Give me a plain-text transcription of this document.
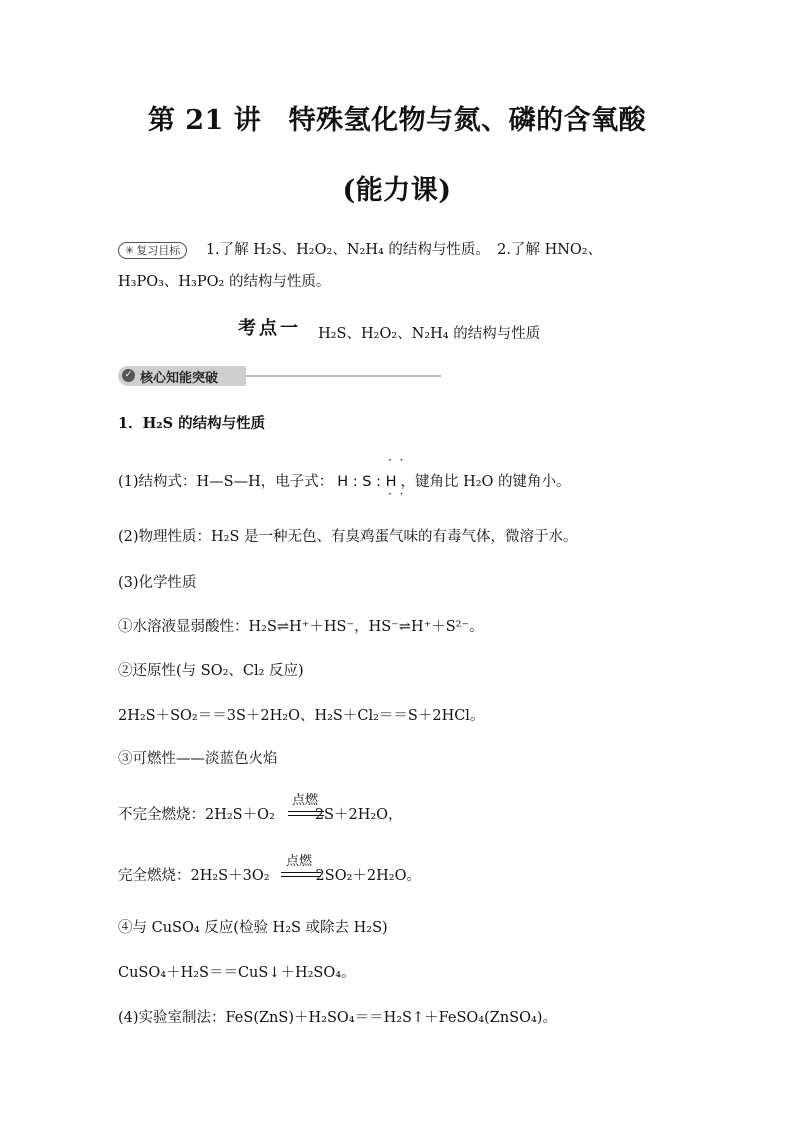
第 21 讲　特殊氢化物与氮、磷的含氧酸
(能力课)
✳ 复习目标 1.了解 H₂S、H₂O₂、N₂H₄ 的结构与性质。　2.了解 HNO₂、
H₃PO₃、H₃PO₂ 的结构与性质。
考点一 H₂S、H₂O₂、N₂H₄ 的结构与性质
✓ 核心知能突破
1．H₂S 的结构与性质
(1)结构式：H—S—H，电子式： H : S : H ，键角比 H₂O 的键角小。
· ·
· ·
(2)物理性质：H₂S 是一种无色、有臭鸡蛋气味的有毒气体，微溶于水。
(3)化学性质
①水溶液显弱酸性：H₂S⇌H⁺＋HS⁻，HS⁻⇌H⁺＋S²⁻。
②还原性(与 SO₂、Cl₂ 反应)
2H₂S＋SO₂＝＝3S＋2H₂O、H₂S＋Cl₂＝＝S＋2HCl。
③可燃性——淡蓝色火焰
不完全燃烧：2H₂S＋O₂	2S＋2H₂O，
点燃
完全燃烧：2H₂S＋3O₂	2SO₂＋2H₂O。
点燃
④与 CuSO₄ 反应(检验 H₂S 或除去 H₂S)
CuSO₄＋H₂S＝＝CuS↓＋H₂SO₄。
(4)实验室制法：FeS(ZnS)＋H₂SO₄＝＝H₂S↑＋FeSO₄(ZnSO₄)。
